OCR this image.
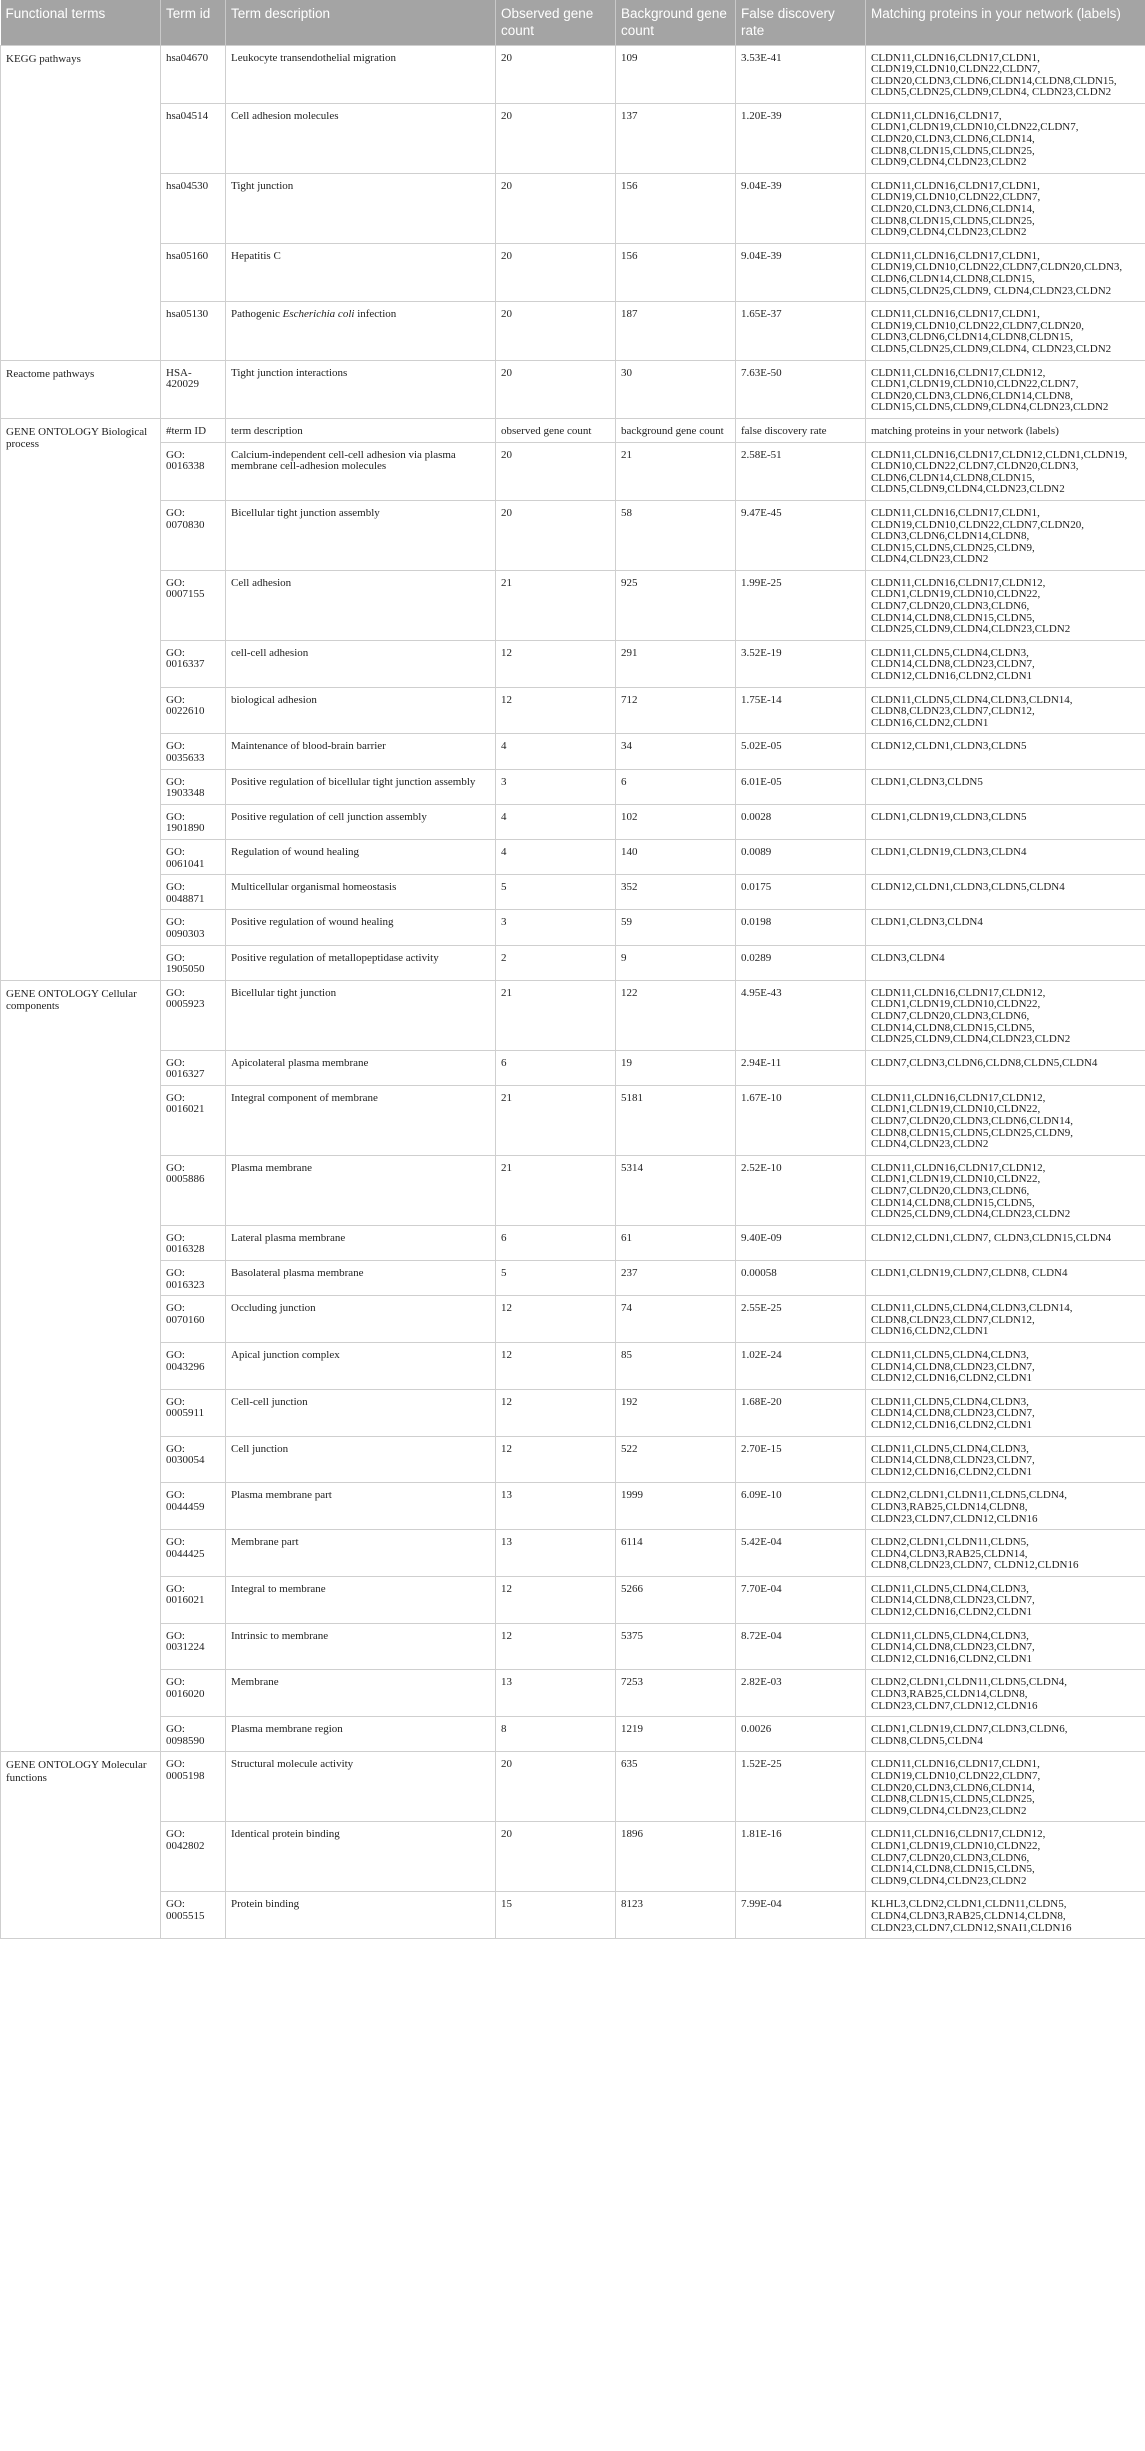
Functional terms	Term id	Term description	Observed gene count	Background gene count	False discovery rate	Matching proteins in your network (labels)
KEGG pathways	hsa04670	Leukocyte transendothelial migration	20	109	3.53E-41	CLDN11,CLDN16,CLDN17,CLDN1, CLDN19,CLDN10,CLDN22,CLDN7, CLDN20,CLDN3,CLDN6,CLDN14,CLDN8,CLDN15, CLDN5,CLDN25,CLDN9,CLDN4, CLDN23,CLDN2
	hsa04514	Cell adhesion molecules	20	137	1.20E-39	CLDN11,CLDN16,CLDN17, CLDN1,CLDN19,CLDN10,CLDN22,CLDN7, CLDN20,CLDN3,CLDN6,CLDN14, CLDN8,CLDN15,CLDN5,CLDN25, CLDN9,CLDN4,CLDN23,CLDN2
	hsa04530	Tight junction	20	156	9.04E-39	CLDN11,CLDN16,CLDN17,CLDN1, CLDN19,CLDN10,CLDN22,CLDN7, CLDN20,CLDN3,CLDN6,CLDN14, CLDN8,CLDN15,CLDN5,CLDN25, CLDN9,CLDN4,CLDN23,CLDN2
	hsa05160	Hepatitis C	20	156	9.04E-39	CLDN11,CLDN16,CLDN17,CLDN1, CLDN19,CLDN10,CLDN22,CLDN7,CLDN20,CLDN3, CLDN6,CLDN14,CLDN8,CLDN15, CLDN5,CLDN25,CLDN9, CLDN4,CLDN23,CLDN2
	hsa05130	Pathogenic Escherichia coli infection	20	187	1.65E-37	CLDN11,CLDN16,CLDN17,CLDN1, CLDN19,CLDN10,CLDN22,CLDN7,CLDN20, CLDN3,CLDN6,CLDN14,CLDN8,CLDN15, CLDN5,CLDN25,CLDN9,CLDN4, CLDN23,CLDN2
Reactome pathways	HSA-420029	Tight junction interactions	20	30	7.63E-50	CLDN11,CLDN16,CLDN17,CLDN12, CLDN1,CLDN19,CLDN10,CLDN22,CLDN7, CLDN20,CLDN3,CLDN6,CLDN14,CLDN8, CLDN15,CLDN5,CLDN9,CLDN4,CLDN23,CLDN2
GENE ONTOLOGY Biological process	#term ID	term description	observed gene count	background gene count	false discovery rate	matching proteins in your network (labels)
	GO: 0016338	Calcium-independent cell-cell adhesion via plasma membrane cell-adhesion molecules	20	21	2.58E-51	CLDN11,CLDN16,CLDN17,CLDN12,CLDN1,CLDN19, CLDN10,CLDN22,CLDN7,CLDN20,CLDN3, CLDN6,CLDN14,CLDN8,CLDN15, CLDN5,CLDN9,CLDN4,CLDN23,CLDN2
	GO: 0070830	Bicellular tight junction assembly	20	58	9.47E-45	CLDN11,CLDN16,CLDN17,CLDN1, CLDN19,CLDN10,CLDN22,CLDN7,CLDN20, CLDN3,CLDN6,CLDN14,CLDN8, CLDN15,CLDN5,CLDN25,CLDN9, CLDN4,CLDN23,CLDN2
	GO: 0007155	Cell adhesion	21	925	1.99E-25	CLDN11,CLDN16,CLDN17,CLDN12, CLDN1,CLDN19,CLDN10,CLDN22, CLDN7,CLDN20,CLDN3,CLDN6, CLDN14,CLDN8,CLDN15,CLDN5, CLDN25,CLDN9,CLDN4,CLDN23,CLDN2
	GO: 0016337	cell-cell adhesion	12	291	3.52E-19	CLDN11,CLDN5,CLDN4,CLDN3, CLDN14,CLDN8,CLDN23,CLDN7, CLDN12,CLDN16,CLDN2,CLDN1
	GO: 0022610	biological adhesion	12	712	1.75E-14	CLDN11,CLDN5,CLDN4,CLDN3,CLDN14, CLDN8,CLDN23,CLDN7,CLDN12, CLDN16,CLDN2,CLDN1
	GO: 0035633	Maintenance of blood-brain barrier	4	34	5.02E-05	CLDN12,CLDN1,CLDN3,CLDN5
	GO: 1903348	Positive regulation of bicellular tight junction assembly	3	6	6.01E-05	CLDN1,CLDN3,CLDN5
	GO: 1901890	Positive regulation of cell junction assembly	4	102	0.0028	CLDN1,CLDN19,CLDN3,CLDN5
	GO: 0061041	Regulation of wound healing	4	140	0.0089	CLDN1,CLDN19,CLDN3,CLDN4
	GO: 0048871	Multicellular organismal homeostasis	5	352	0.0175	CLDN12,CLDN1,CLDN3,CLDN5,CLDN4
	GO: 0090303	Positive regulation of wound healing	3	59	0.0198	CLDN1,CLDN3,CLDN4
	GO: 1905050	Positive regulation of metallopeptidase activity	2	9	0.0289	CLDN3,CLDN4
GENE ONTOLOGY Cellular components	GO: 0005923	Bicellular tight junction	21	122	4.95E-43	CLDN11,CLDN16,CLDN17,CLDN12, CLDN1,CLDN19,CLDN10,CLDN22, CLDN7,CLDN20,CLDN3,CLDN6, CLDN14,CLDN8,CLDN15,CLDN5, CLDN25,CLDN9,CLDN4,CLDN23,CLDN2
	GO: 0016327	Apicolateral plasma membrane	6	19	2.94E-11	CLDN7,CLDN3,CLDN6,CLDN8,CLDN5,CLDN4
	GO: 0016021	Integral component of membrane	21	5181	1.67E-10	CLDN11,CLDN16,CLDN17,CLDN12, CLDN1,CLDN19,CLDN10,CLDN22, CLDN7,CLDN20,CLDN3,CLDN6,CLDN14, CLDN8,CLDN15,CLDN5,CLDN25,CLDN9, CLDN4,CLDN23,CLDN2
	GO: 0005886	Plasma membrane	21	5314	2.52E-10	CLDN11,CLDN16,CLDN17,CLDN12, CLDN1,CLDN19,CLDN10,CLDN22, CLDN7,CLDN20,CLDN3,CLDN6, CLDN14,CLDN8,CLDN15,CLDN5, CLDN25,CLDN9,CLDN4,CLDN23,CLDN2
	GO: 0016328	Lateral plasma membrane	6	61	9.40E-09	CLDN12,CLDN1,CLDN7, CLDN3,CLDN15,CLDN4
	GO: 0016323	Basolateral plasma membrane	5	237	0.00058	CLDN1,CLDN19,CLDN7,CLDN8, CLDN4
	GO: 0070160	Occluding junction	12	74	2.55E-25	CLDN11,CLDN5,CLDN4,CLDN3,CLDN14, CLDN8,CLDN23,CLDN7,CLDN12, CLDN16,CLDN2,CLDN1
	GO: 0043296	Apical junction complex	12	85	1.02E-24	CLDN11,CLDN5,CLDN4,CLDN3, CLDN14,CLDN8,CLDN23,CLDN7, CLDN12,CLDN16,CLDN2,CLDN1
	GO: 0005911	Cell-cell junction	12	192	1.68E-20	CLDN11,CLDN5,CLDN4,CLDN3, CLDN14,CLDN8,CLDN23,CLDN7, CLDN12,CLDN16,CLDN2,CLDN1
	GO: 0030054	Cell junction	12	522	2.70E-15	CLDN11,CLDN5,CLDN4,CLDN3, CLDN14,CLDN8,CLDN23,CLDN7, CLDN12,CLDN16,CLDN2,CLDN1
	GO: 0044459	Plasma membrane part	13	1999	6.09E-10	CLDN2,CLDN1,CLDN11,CLDN5,CLDN4, CLDN3,RAB25,CLDN14,CLDN8, CLDN23,CLDN7,CLDN12,CLDN16
	GO: 0044425	Membrane part	13	6114	5.42E-04	CLDN2,CLDN1,CLDN11,CLDN5, CLDN4,CLDN3,RAB25,CLDN14, CLDN8,CLDN23,CLDN7, CLDN12,CLDN16
	GO: 0016021	Integral to membrane	12	5266	7.70E-04	CLDN11,CLDN5,CLDN4,CLDN3, CLDN14,CLDN8,CLDN23,CLDN7, CLDN12,CLDN16,CLDN2,CLDN1
	GO: 0031224	Intrinsic to membrane	12	5375	8.72E-04	CLDN11,CLDN5,CLDN4,CLDN3, CLDN14,CLDN8,CLDN23,CLDN7, CLDN12,CLDN16,CLDN2,CLDN1
	GO: 0016020	Membrane	13	7253	2.82E-03	CLDN2,CLDN1,CLDN11,CLDN5,CLDN4, CLDN3,RAB25,CLDN14,CLDN8, CLDN23,CLDN7,CLDN12,CLDN16
	GO: 0098590	Plasma membrane region	8	1219	0.0026	CLDN1,CLDN19,CLDN7,CLDN3,CLDN6, CLDN8,CLDN5,CLDN4
GENE ONTOLOGY Molecular functions	GO: 0005198	Structural molecule activity	20	635	1.52E-25	CLDN11,CLDN16,CLDN17,CLDN1, CLDN19,CLDN10,CLDN22,CLDN7, CLDN20,CLDN3,CLDN6,CLDN14, CLDN8,CLDN15,CLDN5,CLDN25, CLDN9,CLDN4,CLDN23,CLDN2
	GO: 0042802	Identical protein binding	20	1896	1.81E-16	CLDN11,CLDN16,CLDN17,CLDN12, CLDN1,CLDN19,CLDN10,CLDN22, CLDN7,CLDN20,CLDN3,CLDN6, CLDN14,CLDN8,CLDN15,CLDN5, CLDN9,CLDN4,CLDN23,CLDN2
	GO: 0005515	Protein binding	15	8123	7.99E-04	KLHL3,CLDN2,CLDN1,CLDN11,CLDN5, CLDN4,CLDN3,RAB25,CLDN14,CLDN8, CLDN23,CLDN7,CLDN12,SNAI1,CLDN16
